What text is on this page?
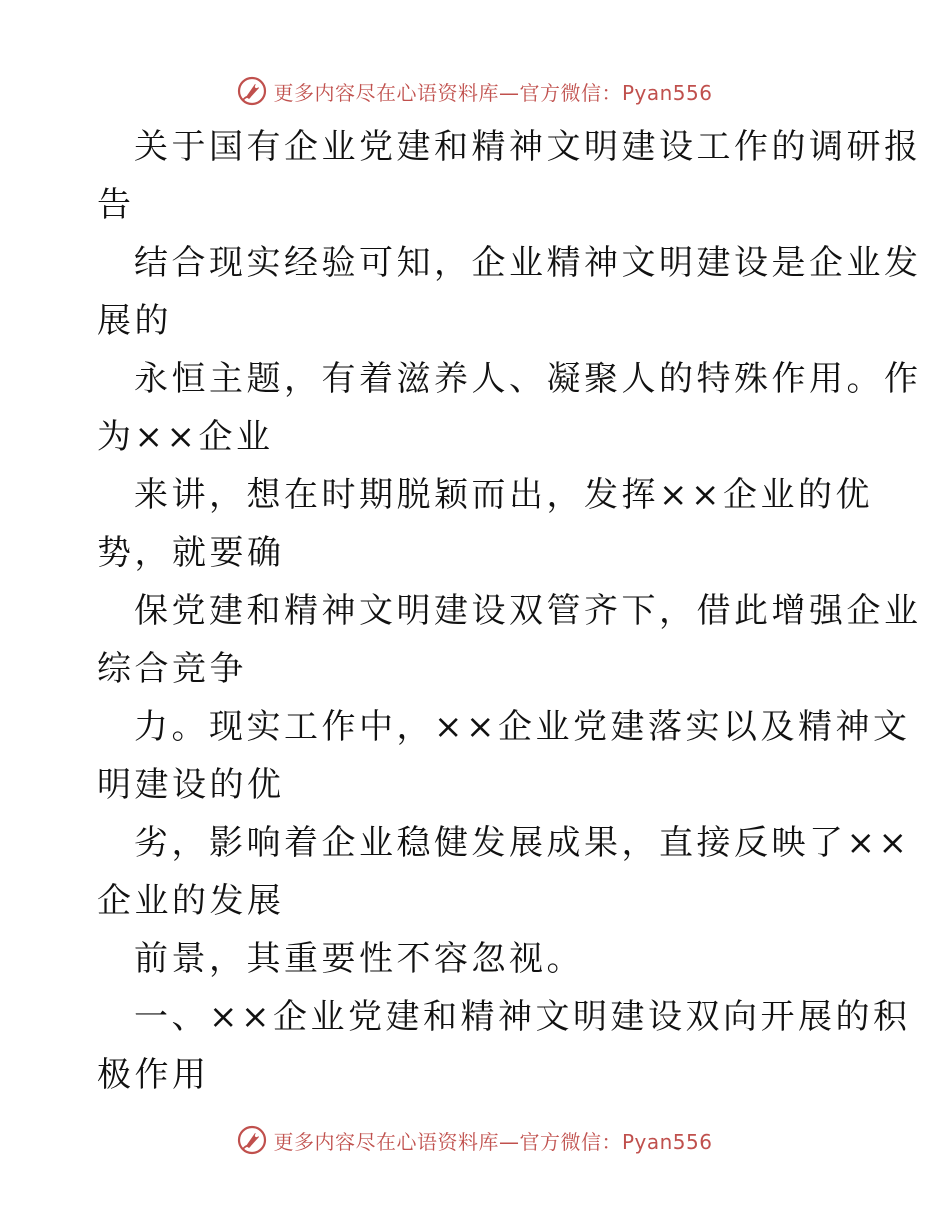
更多内容尽在心语资料库—官方微信：Pyan556
关于国有企业党建和精神文明建设工作的调研报
告
结合现实经验可知，企业精神文明建设是企业发
展的
永恒主题，有着滋养人、凝聚人的特殊作用。作
为××企业
来讲，想在时期脱颖而出，发挥××企业的优
势，就要确
保党建和精神文明建设双管齐下，借此增强企业
综合竞争
力。现实工作中，××企业党建落实以及精神文
明建设的优
劣，影响着企业稳健发展成果，直接反映了××
企业的发展
前景，其重要性不容忽视。
一、××企业党建和精神文明建设双向开展的积
极作用
更多内容尽在心语资料库—官方微信：Pyan556
